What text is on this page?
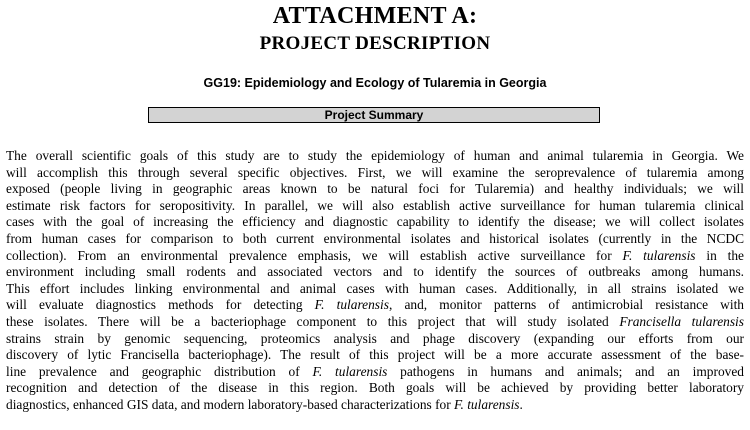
ATTACHMENT A:
PROJECT DESCRIPTION
GG19: Epidemiology and Ecology of Tularemia in Georgia
Project Summary
The overall scientific goals of this study are to study the epidemiology of human and animal tularemia in Georgia. We
will accomplish this through several specific objectives. First, we will examine the seroprevalence of tularemia among
exposed (people living in geographic areas known to be natural foci for Tularemia) and healthy individuals; we will
estimate risk factors for seropositivity. In parallel, we will also establish active surveillance for human tularemia clinical
cases with the goal of increasing the efficiency and diagnostic capability to identify the disease; we will collect isolates
from human cases for comparison to both current environmental isolates and historical isolates (currently in the NCDC
collection). From an environmental prevalence emphasis, we will establish active surveillance for F. tularensis in the
environment including small rodents and associated vectors and to identify the sources of outbreaks among humans.
This effort includes linking environmental and animal cases with human cases. Additionally, in all strains isolated we
will evaluate diagnostics methods for detecting F. tularensis, and, monitor patterns of antimicrobial resistance with
these isolates. There will be a bacteriophage component to this project that will study isolated Francisella tularensis
strains strain by genomic sequencing, proteomics analysis and phage discovery (expanding our efforts from our
discovery of lytic Francisella bacteriophage). The result of this project will be a more accurate assessment of the base-
line prevalence and geographic distribution of F. tularensis pathogens in humans and animals; and an improved
recognition and detection of the disease in this region. Both goals will be achieved by providing better laboratory
diagnostics, enhanced GIS data, and modern laboratory-based characterizations for F. tularensis.
